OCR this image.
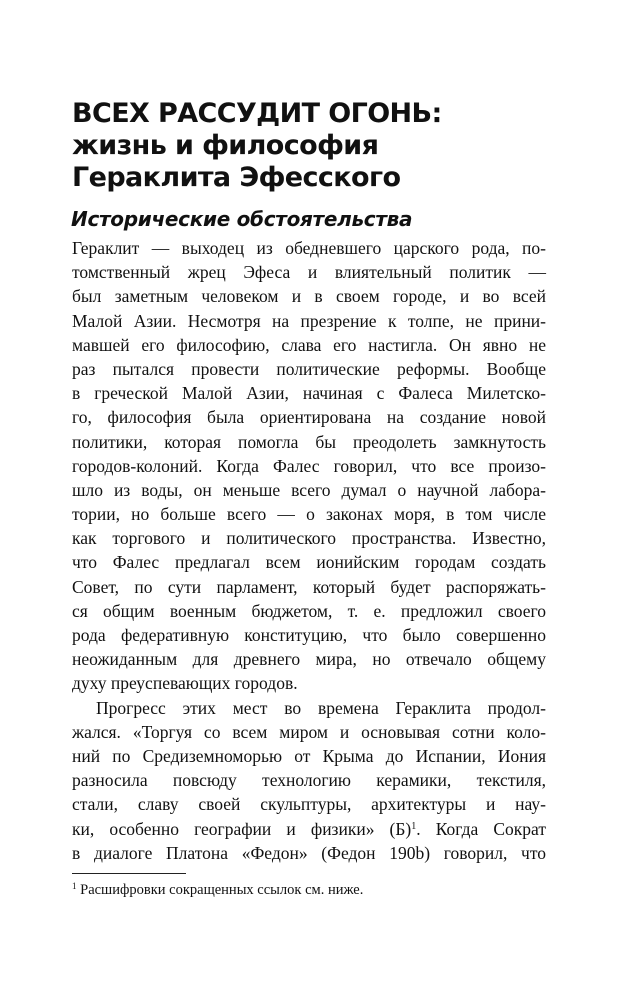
ВСЕХ РАССУДИТ ОГОНЬ:
жизнь и философия
Гераклита Эфесского
Исторические обстоятельства
Гераклит — выходец из обедневшего царского рода, по-
томственный жрец Эфеса и влиятельный политик —
был заметным человеком и в своем городе, и во всей
Малой Азии. Несмотря на презрение к толпе, не прини-
мавшей его философию, слава его настигла. Он явно не
раз пытался провести политические реформы. Вообще
в греческой Малой Азии, начиная с Фалеса Милетско-
го, философия была ориентирована на создание новой
политики, которая помогла бы преодолеть замкнутость
городов-колоний. Когда Фалес говорил, что все произо-
шло из воды, он меньше всего думал о научной лабора-
тории, но больше всего — о законах моря, в том числе
как торгового и политического пространства. Известно,
что Фалес предлагал всем ионийским городам создать
Совет, по сути парламент, который будет распоряжать-
ся общим военным бюджетом, т. е. предложил своего
рода федеративную конституцию, что было совершенно
неожиданным для древнего мира, но отвечало общему
духу преуспевающих городов.
Прогресс этих мест во времена Гераклита продол-
жался. «Торгуя со всем миром и основывая сотни коло-
ний по Средиземноморью от Крыма до Испании, Иония
разносила повсюду технологию керамики, текстиля,
стали, славу своей скульптуры, архитектуры и нау-
ки, особенно географии и физики» $(Б)^1$. Когда Сократ
в диалоге Платона «Федон» (Федон 190b) говорил, что
$^1$ Расшифровки сокращенных ссылок см. ниже.
